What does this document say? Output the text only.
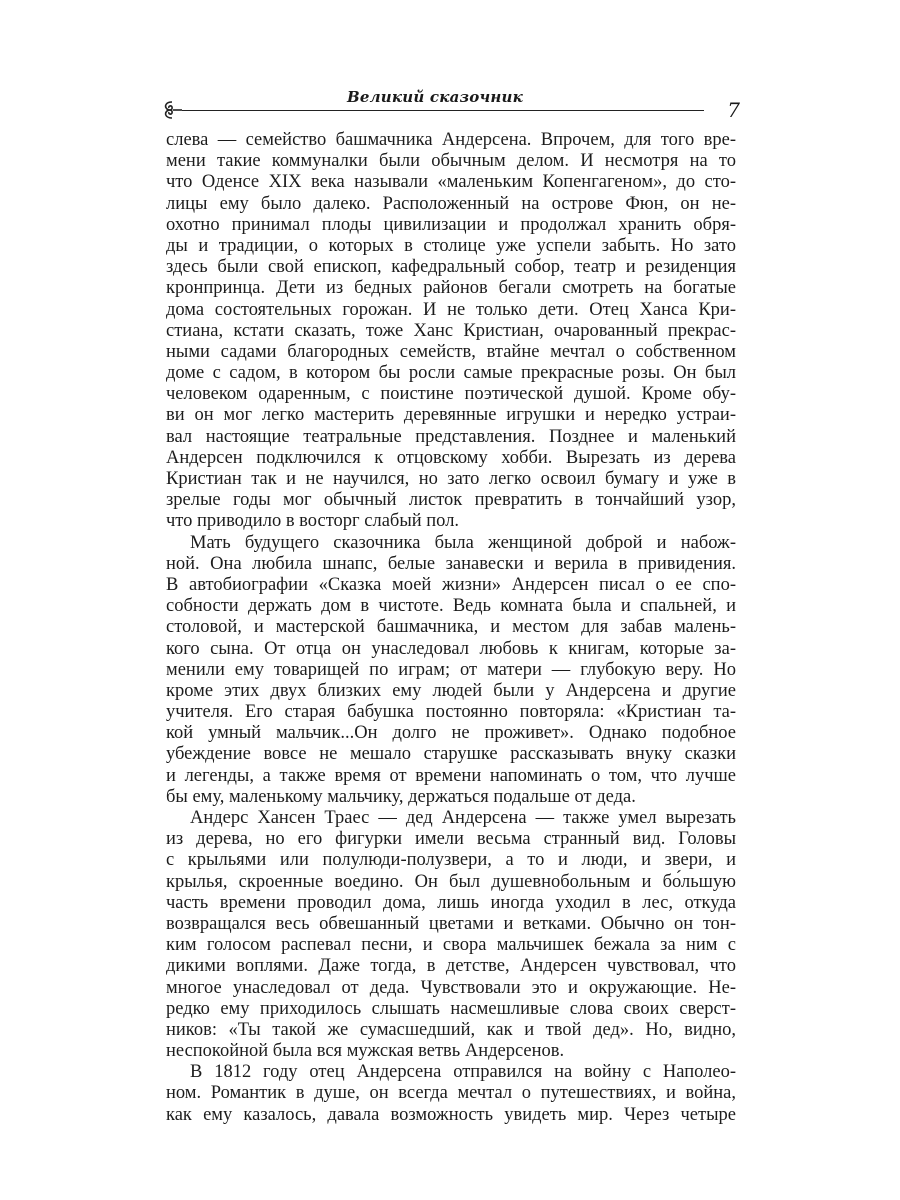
Великий сказочник
7
слева — семейство башмачника Андерсена. Впрочем, для того вре-
мени такие коммуналки были обычным делом. И несмотря на то
что Оденсе XIX века называли «маленьким Копенгагеном», до сто-
лицы ему было далеко. Расположенный на острове Фюн, он не-
охотно принимал плоды цивилизации и продолжал хранить обря-
ды и традиции, о которых в столице уже успели забыть. Но зато
здесь были свой епископ, кафедральный собор, театр и резиденция
кронпринца. Дети из бедных районов бегали смотреть на богатые
дома состоятельных горожан. И не только дети. Отец Ханса Кри-
стиана, кстати сказать, тоже Ханс Кристиан, очарованный прекрас-
ными садами благородных семейств, втайне мечтал о собственном
доме с садом, в котором бы росли самые прекрасные розы. Он был
человеком одаренным, с поистине поэтической душой. Кроме обу-
ви он мог легко мастерить деревянные игрушки и нередко устраи-
вал настоящие театральные представления. Позднее и маленький
Андерсен подключился к отцовскому хобби. Вырезать из дерева
Кристиан так и не научился, но зато легко освоил бумагу и уже в
зрелые годы мог обычный листок превратить в тончайший узор,
что приводило в восторг слабый пол.
Мать будущего сказочника была женщиной доброй и набож-
ной. Она любила шнапс, белые занавески и верила в привидения.
В автобиографии «Сказка моей жизни» Андерсен писал о ее спо-
собности держать дом в чистоте. Ведь комната была и спальней, и
столовой, и мастерской башмачника, и местом для забав малень-
кого сына. От отца он унаследовал любовь к книгам, которые за-
менили ему товарищей по играм; от матери — глубокую веру. Но
кроме этих двух близких ему людей были у Андерсена и другие
учителя. Его старая бабушка постоянно повторяла: «Кристиан та-
кой умный мальчик...Он долго не проживет». Однако подобное
убеждение вовсе не мешало старушке рассказывать внуку сказки
и легенды, а также время от времени напоминать о том, что лучше
бы ему, маленькому мальчику, держаться подальше от деда.
Андерс Хансен Траес — дед Андерсена — также умел вырезать
из дерева, но его фигурки имели весьма странный вид. Головы
с крыльями или полулюди-полузвери, а то и люди, и звери, и
крылья, скроенные воедино. Он был душевнобольным и бо́льшую
часть времени проводил дома, лишь иногда уходил в лес, откуда
возвращался весь обвешанный цветами и ветками. Обычно он тон-
ким голосом распевал песни, и свора мальчишек бежала за ним с
дикими воплями. Даже тогда, в детстве, Андерсен чувствовал, что
многое унаследовал от деда. Чувствовали это и окружающие. Не-
редко ему приходилось слышать насмешливые слова своих сверст-
ников: «Ты такой же сумасшедший, как и твой дед». Но, видно,
неспокойной была вся мужская ветвь Андерсенов.
В 1812 году отец Андерсена отправился на войну с Наполео-
ном. Романтик в душе, он всегда мечтал о путешествиях, и война,
как ему казалось, давала возможность увидеть мир. Через четыре
